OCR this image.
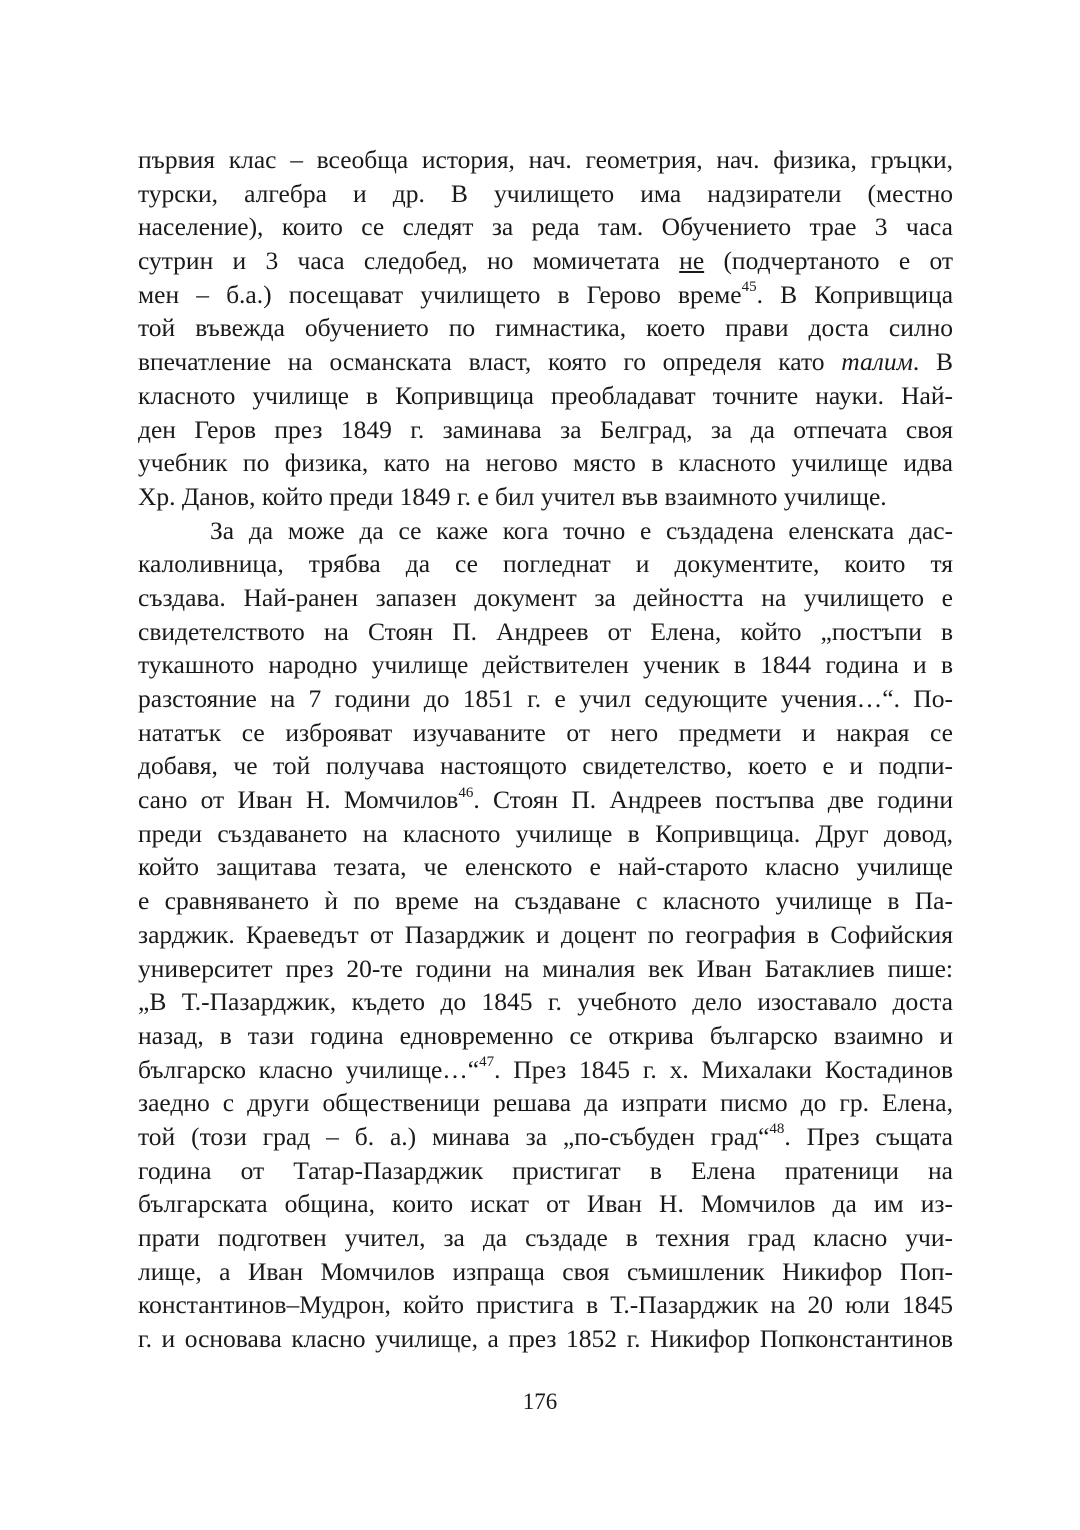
първия клас – всеобща история, нач. геометрия, нач. физика, гръцки,
турски, алгебра и др. В училището има надзиратели (местно
население), които се следят за реда там. Обучението трае 3 часа
сутрин и 3 часа следобед, но момичетата не (подчертаното е от
мен – б.а.) посещават училището в Герово време$^{45}$. В Копривщица
той въвежда обучението по гимнастика, което прави доста силно
впечатление на османската власт, която го определя като талим. В
класното училище в Копривщица преобладават точните науки. Най-
ден Геров през 1849 г. заминава за Белград, за да отпечата своя
учебник по физика, като на негово място в класното училище идва
Хр. Данов, който преди 1849 г. е бил учител във взаимното училище.
За да може да се каже кога точно е създадена еленската дас-
калоливница, трябва да се погледнат и документите, които тя
създава. Най-ранен запазен документ за дейността на училището е
свидетелството на Стоян П. Андреев от Елена, който „постъпи в
тукашното народно училище действителен ученик в 1844 година и в
разстояние на 7 години до 1851 г. е учил седующите учения…“. По-
нататък се изброяват изучаваните от него предмети и накрая се
добавя, че той получава настоящото свидетелство, което е и подпи-
сано от Иван Н. Момчилов$^{46}$. Стоян П. Андреев постъпва две години
преди създаването на класното училище в Копривщица. Друг довод,
който защитава тезата, че еленското е най-старото класно училище
е сравняването ѝ по време на създаване с класното училище в Па-
зарджик. Краеведът от Пазарджик и доцент по география в Софийския
университет през 20-те години на миналия век Иван Батаклиев пише:
„В Т.-Пазарджик, където до 1845 г. учебното дело изоставало доста
назад, в тази година едновременно се открива българско взаимно и
българско класно училище…“$^{47}$. През 1845 г. х. Михалаки Костадинов
заедно с други общественици решава да изпрати писмо до гр. Елена,
той (този град – б. а.) минава за „по-събуден град“$^{48}$. През същата
година от Татар-Пазарджик пристигат в Елена пратеници на
българската община, които искат от Иван Н. Момчилов да им из-
прати подготвен учител, за да създаде в техния град класно учи-
лище, а Иван Момчилов изпраща своя съмишленик Никифор Поп-
константинов–Мудрон, който пристига в Т.-Пазарджик на 20 юли 1845
г. и основава класно училище, а през 1852 г. Никифор Попконстантинов
176
